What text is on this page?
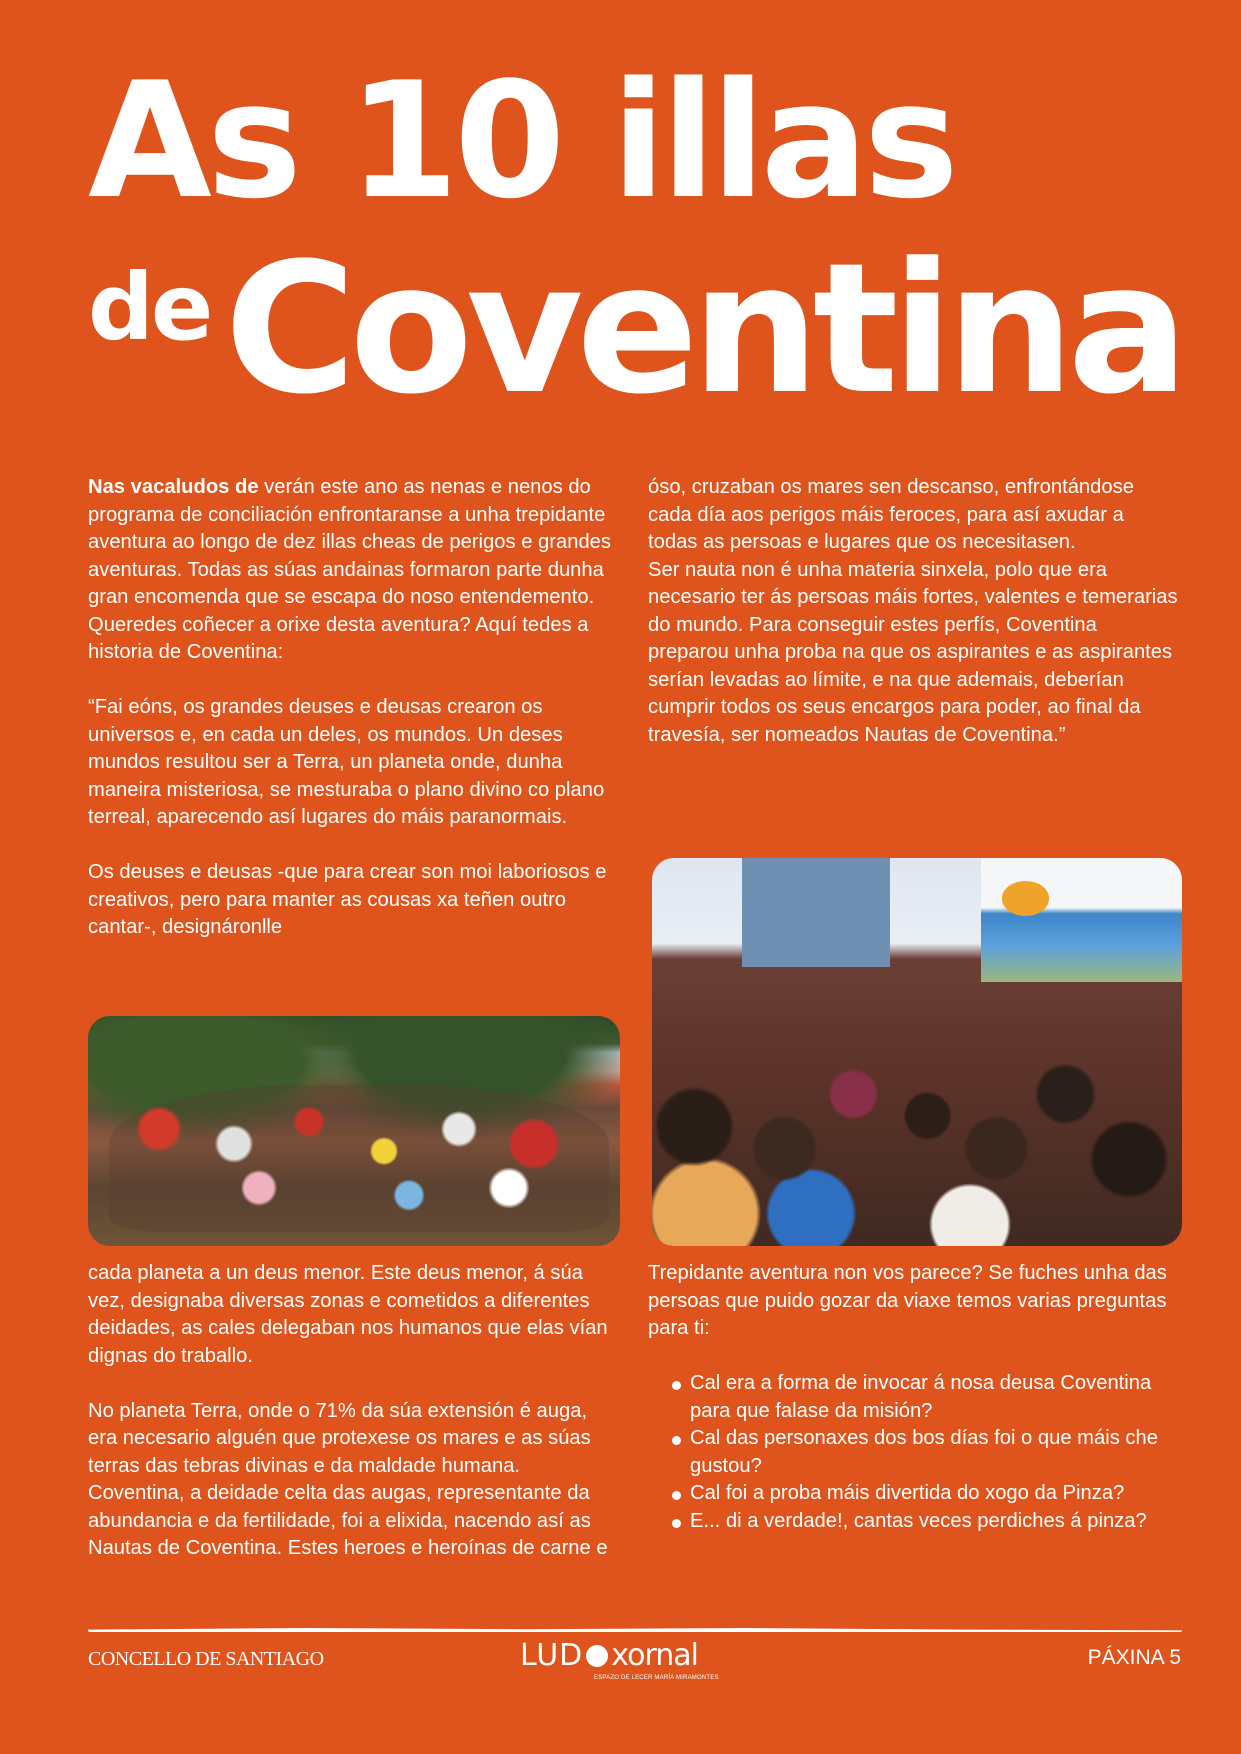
As 10 illas
de Coventina

Nas vacaludos de verán este ano as nenas e nenos do programa de conciliación enfrontaranse a unha trepidante aventura ao longo de dez illas cheas de perigos e grandes aventuras. Todas as súas andainas formaron parte dunha gran encomenda que se escapa do noso entendemento. Queredes coñecer a orixe desta aventura? Aquí tedes a historia de Coventina:

“Fai eóns, os grandes deuses e deusas crearon os universos e, en cada un deles, os mundos. Un deses mundos resultou ser a Terra, un planeta onde, dunha maneira misteriosa, se mesturaba o plano divino co plano terreal, aparecendo así lugares do máis paranormais.

Os deuses e deusas -que para crear son moi laboriosos e creativos, pero para manter as cousas xa teñen outro cantar-, designáronlle

cada planeta a un deus menor. Este deus menor, á súa vez, designaba diversas zonas e cometidos a diferentes deidades, as cales delegaban nos humanos que elas vían dignas do traballo.

No planeta Terra, onde o 71% da súa extensión é auga, era necesario alguén que protexese os mares e as súas terras das tebras divinas e da maldade humana. Coventina, a deidade celta das augas, representante da abundancia e da fertilidade, foi a elixida, nacendo así as Nautas de Coventina. Estes heroes e heroínas de carne e

óso, cruzaban os mares sen descanso, enfrontándose cada día aos perigos máis feroces, para así axudar a todas as persoas e lugares que os necesitasen.

Ser nauta non é unha materia sinxela, polo que era necesario ter ás persoas máis fortes, valentes e temerarias do mundo. Para conseguir estes perfís, Coventina preparou unha proba na que os aspirantes e as aspirantes serían levadas ao límite, e na que ademais, deberían cumprir todos os seus encargos para poder, ao final da travesía, ser nomeados Nautas de Coventina.”

Trepidante aventura non vos parece? Se fuches unha das persoas que puido gozar da viaxe temos varias preguntas para ti:

Cal era a forma de invocar á nosa deusa Coventina para que falase da misión?
Cal das personaxes dos bos días foi o que máis che gustou?
Cal foi a proba máis divertida do xogo da Pinza?
E... di a verdade!, cantas veces perdiches á pinza?
CONCELLO DE SANTIAGO	LUD xornal
ESPAZO DE LECER MARÍA MIRAMONTES
PÁXINA 5
